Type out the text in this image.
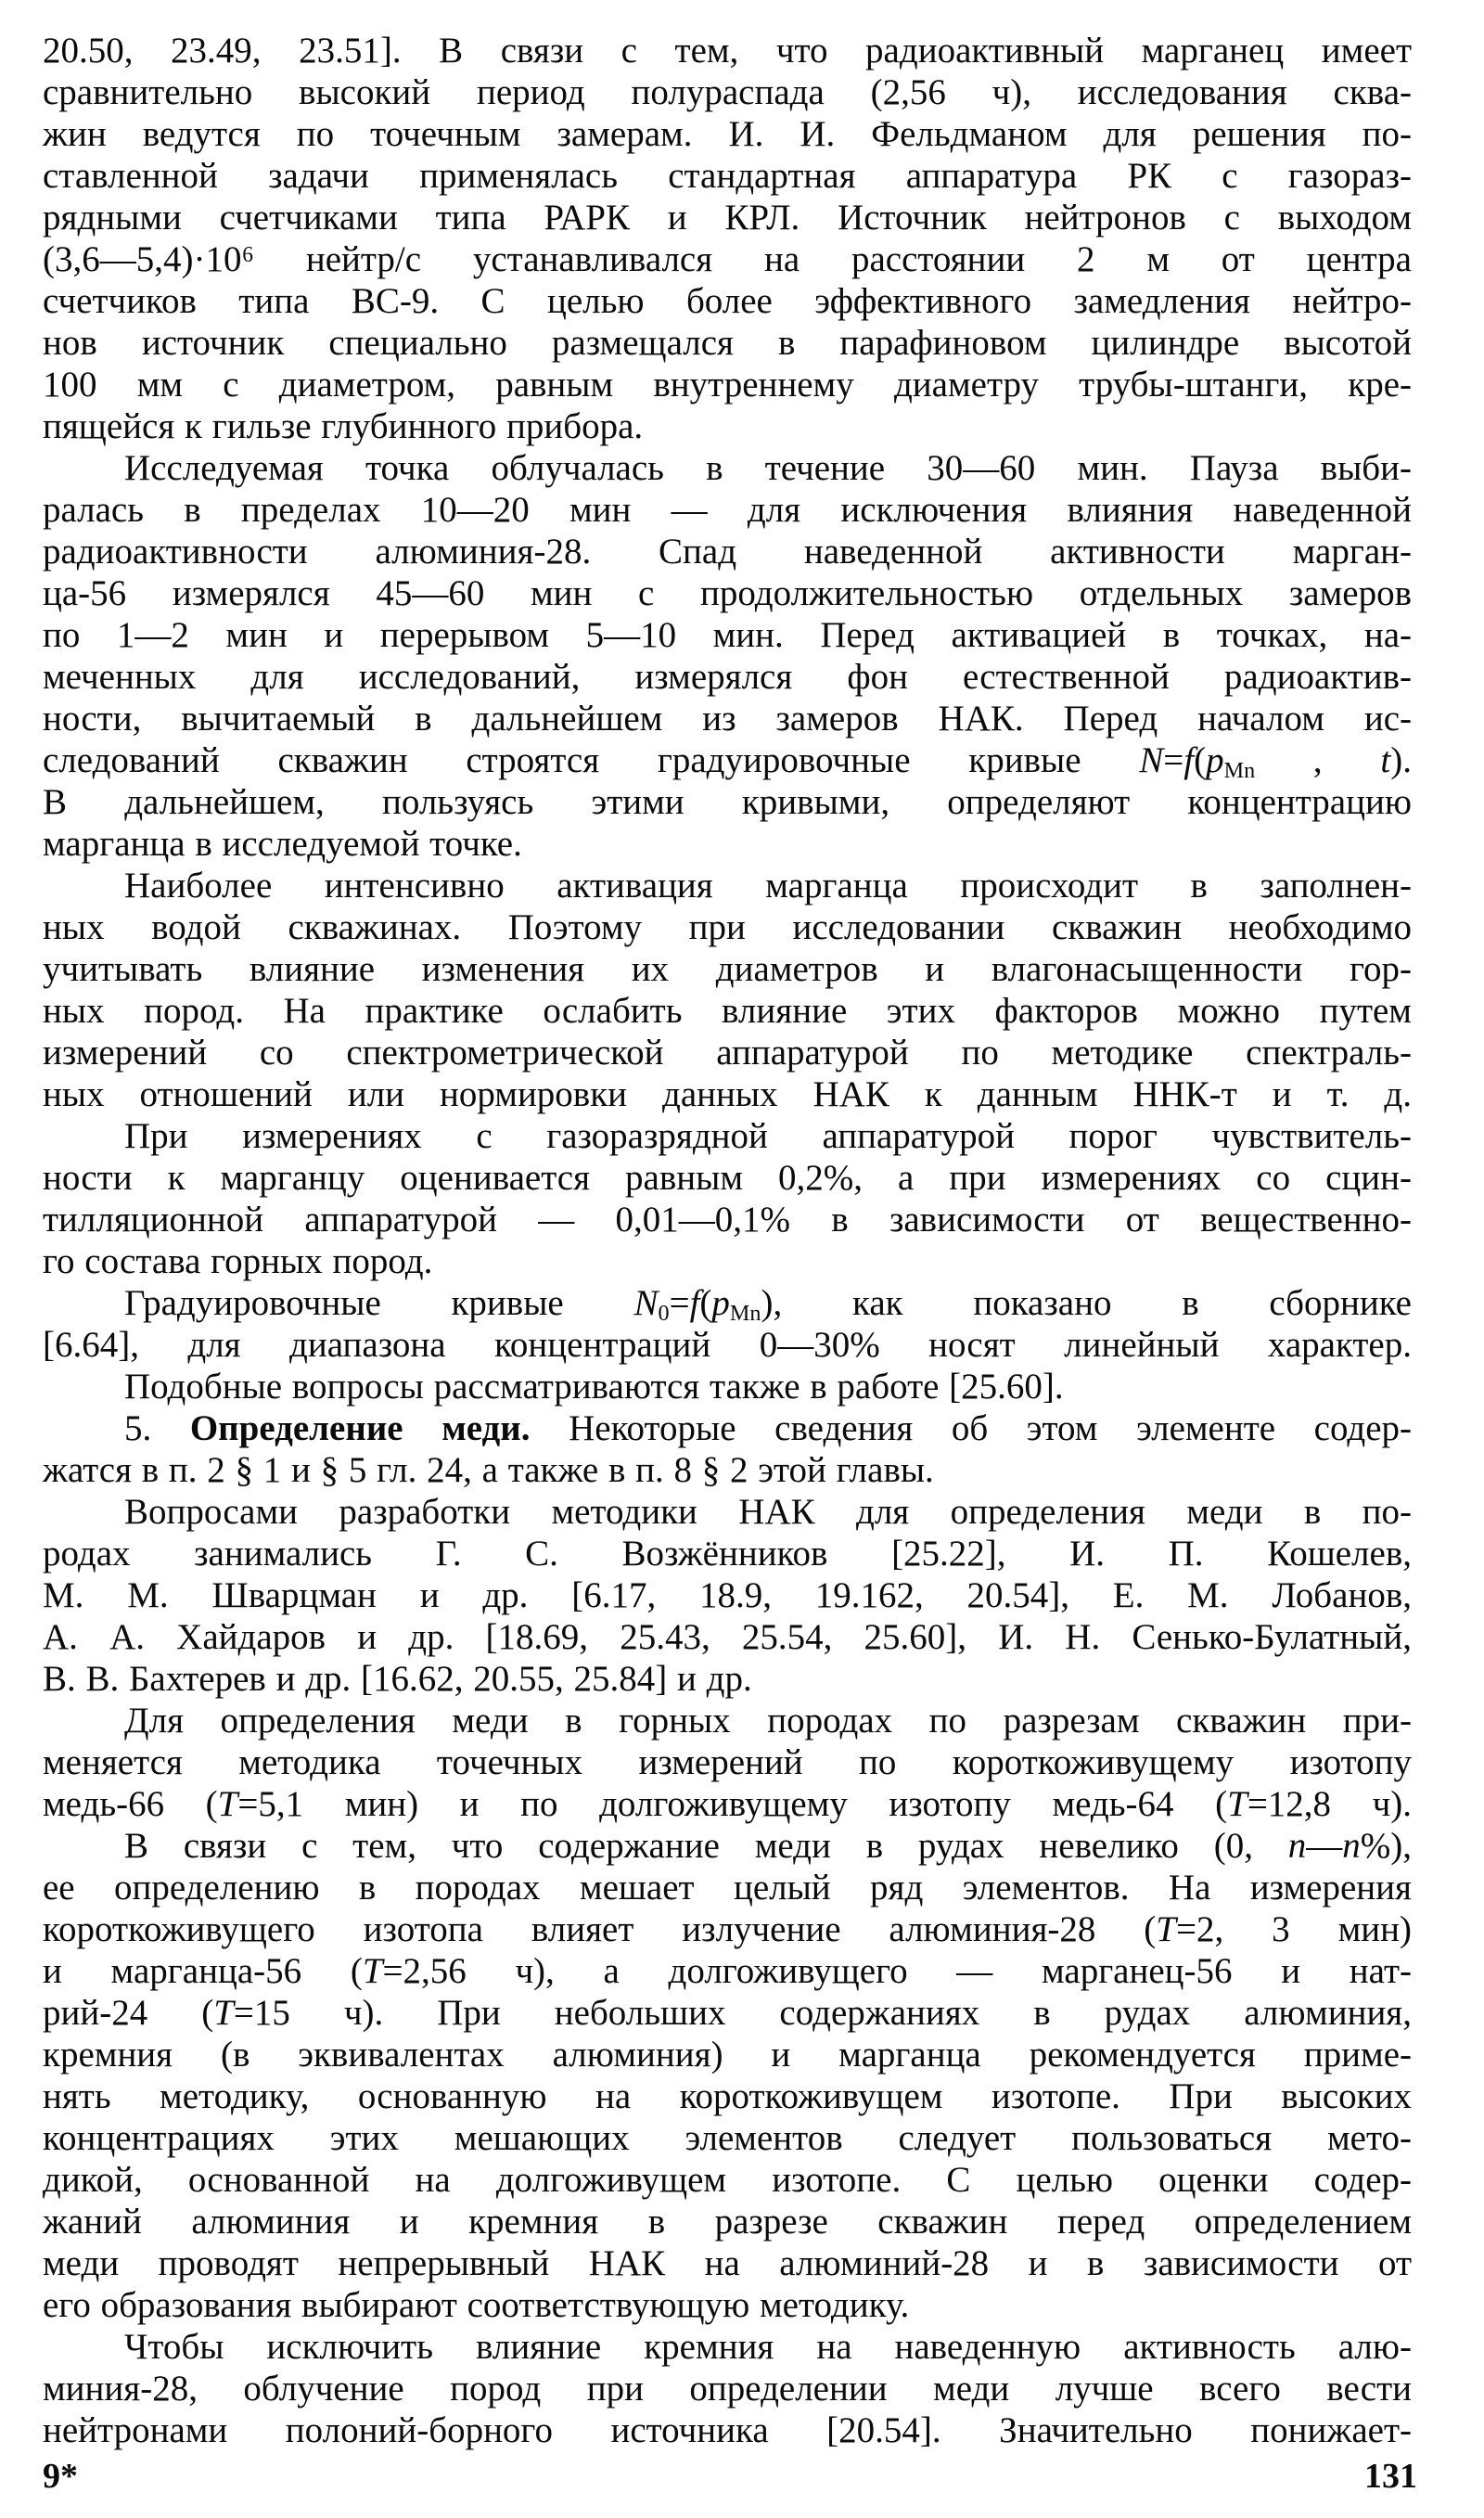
20.50, 23.49, 23.51]. В связи с тем, что радиоактивный марганец имеет
сравнительно высокий период полураспада (2,56 ч), исследования сква-
жин ведутся по точечным замерам. И. И. Фельдманом для решения по-
ставленной задачи применялась стандартная аппаратура РК с газораз-
рядными счетчиками типа РАРК и КРЛ. Источник нейтронов с выходом
(3,6—5,4)·10⁶ нейтр/с устанавливался на расстоянии 2 м от центра
счетчиков типа ВС-9. С целью более эффективного замедления нейтро-
нов источник специально размещался в парафиновом цилиндре высотой
100 мм с диаметром, равным внутреннему диаметру трубы-штанги, кре-
пящейся к гильзе глубинного прибора.
Исследуемая точка облучалась в течение 30—60 мин. Пауза выби-
ралась в пределах 10—20 мин — для исключения влияния наведенной
радиоактивности алюминия-28. Спад наведенной активности марган-
ца-56 измерялся 45—60 мин с продолжительностью отдельных замеров
по 1—2 мин и перерывом 5—10 мин. Перед активацией в точках, на-
меченных для исследований, измерялся фон естественной радиоактив-
ности, вычитаемый в дальнейшем из замеров НАК. Перед началом ис-
следований скважин строятся градуировочные кривые $N=f(p_{Mn}$ , t).
В дальнейшем, пользуясь этими кривыми, определяют концентрацию
марганца в исследуемой точке.
Наиболее интенсивно активация марганца происходит в заполнен-
ных водой скважинах. Поэтому при исследовании скважин необходимо
учитывать влияние изменения их диаметров и влагонасыщенности гор-
ных пород. На практике ослабить влияние этих факторов можно путем
измерений со спектрометрической аппаратурой по методике спектраль-
ных отношений или нормировки данных НАК к данным ННК-т и т. д.
При измерениях с газоразрядной аппаратурой порог чувствитель-
ности к марганцу оценивается равным 0,2%, а при измерениях со сцин-
тилляционной аппаратурой — 0,01—0,1% в зависимости от вещественно-
го состава горных пород.
Градуировочные кривые $N_0=f(p_{Mn})$, как показано в сборнике
[6.64], для диапазона концентраций 0—30% носят линейный характер.
Подобные вопросы рассматриваются также в работе [25.60].
5. Определение меди. Некоторые сведения об этом элементе содер-
жатся в п. 2 § 1 и § 5 гл. 24, а также в п. 8 § 2 этой главы.
Вопросами разработки методики НАК для определения меди в по-
родах занимались Г. С. Возжёнников [25.22], И. П. Кошелев,
М. М. Шварцман и др. [6.17, 18.9, 19.162, 20.54], Е. М. Лобанов,
А. А. Хайдаров и др. [18.69, 25.43, 25.54, 25.60], И. Н. Сенько-Булатный,
В. В. Бахтерев и др. [16.62, 20.55, 25.84] и др.
Для определения меди в горных породах по разрезам скважин при-
меняется методика точечных измерений по короткоживущему изотопу
медь-66 (T=5,1 мин) и по долгоживущему изотопу медь-64 (T=12,8 ч).
В связи с тем, что содержание меди в рудах невелико (0, n—n%),
ее определению в породах мешает целый ряд элементов. На измерения
короткоживущего изотопа влияет излучение алюминия-28 (T=2, 3 мин)
и марганца-56 (T=2,56 ч), а долгоживущего — марганец-56 и нат-
рий-24 (T=15 ч). При небольших содержаниях в рудах алюминия,
кремния (в эквивалентах алюминия) и марганца рекомендуется приме-
нять методику, основанную на короткоживущем изотопе. При высоких
концентрациях этих мешающих элементов следует пользоваться мето-
дикой, основанной на долгоживущем изотопе. С целью оценки содер-
жаний алюминия и кремния в разрезе скважин перед определением
меди проводят непрерывный НАК на алюминий-28 и в зависимости от
его образования выбирают соответствующую методику.
Чтобы исключить влияние кремния на наведенную активность алю-
миния-28, облучение пород при определении меди лучше всего вести
нейтронами полоний-борного источника [20.54]. Значительно понижает-
9*	131
